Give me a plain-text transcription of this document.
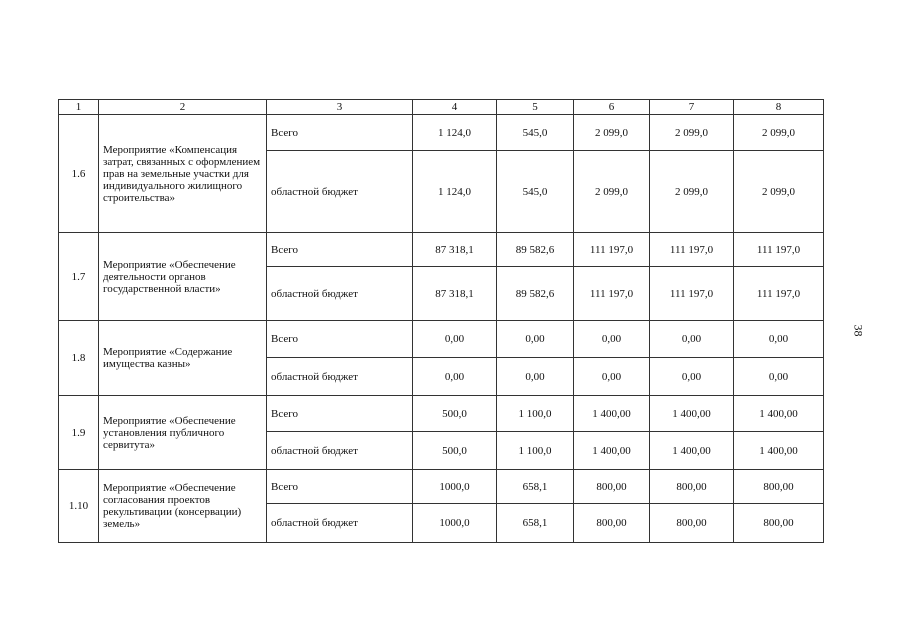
1	2	3	4	5	6	7	8
1.6	Мероприятие «Компенсация затрат, связанных с оформлением прав на земельные участки для индивидуального жилищного строительства»	Всего	1 124,0	545,0	2 099,0	2 099,0	2 099,0
		областной бюджет	1 124,0	545,0	2 099,0	2 099,0	2 099,0
1.7	Мероприятие «Обеспечение деятельности органов государственной власти»	Всего	87 318,1	89 582,6	111 197,0	111 197,0	111 197,0
		областной бюджет	87 318,1	89 582,6	111 197,0	111 197,0	111 197,0
1.8	Мероприятие «Содержание имущества казны»	Всего	0,00	0,00	0,00	0,00	0,00
		областной бюджет	0,00	0,00	0,00	0,00	0,00
1.9	Мероприятие «Обеспечение установления публичного сервитута»	Всего	500,0	1 100,0	1 400,00	1 400,00	1 400,00
		областной бюджет	500,0	1 100,0	1 400,00	1 400,00	1 400,00
1.10	Мероприятие «Обеспечение согласования проектов рекультивации (консервации) земель»	Всего	1000,0	658,1	800,00	800,00	800,00
		областной бюджет	1000,0	658,1	800,00	800,00	800,00
38
